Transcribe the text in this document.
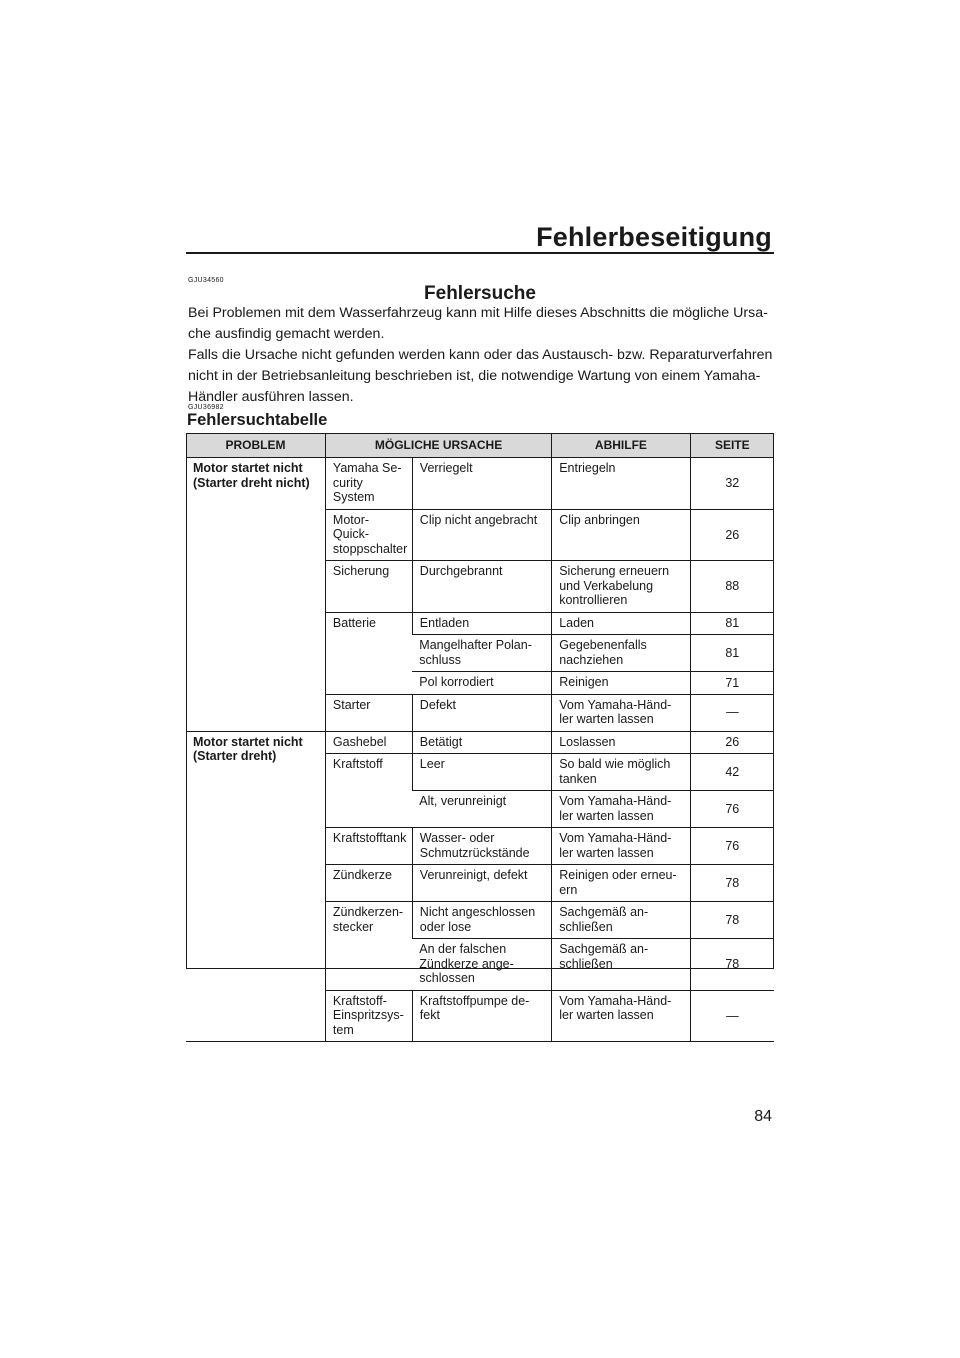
Fehlerbeseitigung
GJU34560
Fehlersuche

Bei Problemen mit dem Wasserfahrzeug kann mit Hilfe dieses Abschnitts die mögliche Ursa-che ausfindig gemacht werden.

Falls die Ursache nicht gefunden werden kann oder das Austausch- bzw. Reparaturverfahren nicht in der Betriebsanleitung beschrieben ist, die notwendige Wartung von einem Yamaha-Händler ausführen lassen.

GJU36982
Fehlersuchtabelle
PROBLEM	MÖGLICHE URSACHE		ABHILFE	SEITE
Motor startet nicht (Starter dreht nicht)	Yamaha Se-curity System	Verriegelt	Entriegeln	32
	Motor-Quick-stoppschalter	Clip nicht angebracht	Clip anbringen	26
	Sicherung	Durchgebrannt	Sicherung erneuern und Verkabelung kontrollieren	88
	Batterie	Entladen	Laden	81
		Mangelhafter Polan-schluss	Gegebenenfalls nachziehen	81
		Pol korrodiert	Reinigen	71
	Starter	Defekt	Vom Yamaha-Händ-ler warten lassen	—
Motor startet nicht (Starter dreht)	Gashebel	Betätigt	Loslassen	26
	Kraftstoff	Leer	So bald wie möglich tanken	42
		Alt, verunreinigt	Vom Yamaha-Händ-ler warten lassen	76
	Kraftstofftank	Wasser- oder Schmutzrückstände	Vom Yamaha-Händ-ler warten lassen	76
	Zündkerze	Verunreinigt, defekt	Reinigen oder erneu-ern	78
	Zündkerzen-stecker	Nicht angeschlossen oder lose	Sachgemäß an-schließen	78
		An der falschen Zündkerze ange-schlossen	Sachgemäß an-schließen	78
	Kraftstoff-Einspritzsys-tem	Kraftstoffpumpe de-fekt	Vom Yamaha-Händ-ler warten lassen	—
84
